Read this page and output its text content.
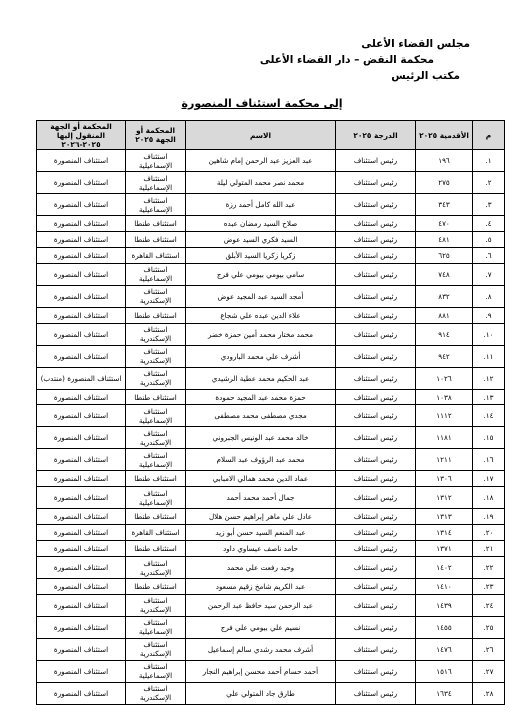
مجلس القضاء الأعلى
محكمة النقض – دار القضاء الأعلى
مكتب الرئيس
إلى محكمة استئناف المنصورة
م	الأقدمية ٢٠٢٥	الدرجة ٢٠٢٥	الاسم	المحكمة أو الجهة ٢٠٢٥	المحكمة أو الجهة المنقول إليها ٢٠٢٥-٢٠٢٦
١.	١٩٦	رئيس استئناف	عبد العزيز عبد الرحمن إمام شاهين	استئناف الإسماعيلية	استئناف المنصورة
٢.	٢٧٥	رئيس استئناف	محمد نصر محمد المتولي ليلة	استئناف الإسماعيلية	استئناف المنصورة
٣.	٣٤٣	رئيس استئناف	عبد الله كامل أحمد رزة	استئناف الإسماعيلية	استئناف المنصورة
٤.	٤٧٠	رئيس استئناف	صلاح السيد رمضان عبده	استئناف طنطا	استئناف المنصورة
٥.	٤٨١	رئيس استئناف	السيد فكري السيد عوض	استئناف طنطا	استئناف المنصورة
٦.	٦٢٥	رئيس استئناف	زكريا زكريا السيد الأبلق	استئناف القاهرة	استئناف المنصورة
٧.	٧٤٨	رئيس استئناف	سامي بيومي بيومي علي فرج	استئناف الإسماعيلية	استئناف المنصورة
٨.	٨٣٢	رئيس استئناف	أمجد السيد عبد المجيد عوض	استئناف الإسكندرية	استئناف المنصورة
٩.	٨٨١	رئيس استئناف	علاء الدين عبده علي شجاع	استئناف طنطا	استئناف المنصورة
١٠.	٩١٤	رئيس استئناف	محمد مختار محمد أمين حمزة خضر	استئناف الإسكندرية	استئناف المنصورة
١١.	٩٤٢	رئيس استئناف	أشرف علي محمد البارودي	استئناف الإسكندرية	استئناف المنصورة
١٢.	١٠٢٦	رئيس استئناف	عبد الحكيم محمد عطية الرشيدي	استئناف الإسكندرية	استئناف المنصورة (منتدب)
١٣.	١٠٣٨	رئيس استئناف	حمزة محمد عبد المجيد حمودة	استئناف طنطا	استئناف المنصورة
١٤.	١١١٢	رئيس استئناف	مجدي مصطفى محمد مصطفى	استئناف الإسماعيلية	استئناف المنصورة
١٥.	١١٨١	رئيس استئناف	خالد محمد عبد الونيس الجبروني	استئناف الإسكندرية	استئناف المنصورة
١٦.	١٢١١	رئيس استئناف	محمد عبد الرؤوف عبد السلام	استئناف الإسماعيلية	استئناف المنصورة
١٧.	١٣٠٦	رئيس استئناف	عماد الدين محمد همالي الامبابي	استئناف طنطا	استئناف المنصورة
١٨.	١٣١٢	رئيس استئناف	جمال أحمد محمد أحمد	استئناف الإسماعيلية	استئناف المنصورة
١٩.	١٣١٣	رئيس استئناف	عادل علي ماهر إبراهيم حسن هلال	استئناف طنطا	استئناف المنصورة
٢٠.	١٣١٤	رئيس استئناف	عبد المنعم السيد حسن أبو زيد	استئناف القاهرة	استئناف المنصورة
٢١.	١٣٧١	رئيس استئناف	حامد ناصف عيساوي داود	استئناف طنطا	استئناف المنصورة
٢٢.	١٤٠٢	رئيس استئناف	وحيد رفعت علي محمد	استئناف الإسكندرية	استئناف المنصورة
٢٣.	١٤١٠	رئيس استئناف	عبد الكريم شامخ زقيم مسعود	استئناف طنطا	استئناف المنصورة
٢٤.	١٤٣٩	رئيس استئناف	عبد الرحمن سيد حافظ عبد الرحمن	استئناف الإسكندرية	استئناف المنصورة
٢٥.	١٤٥٥	رئيس استئناف	نسيم علي بيومي علي فرج	استئناف الإسماعيلية	استئناف المنصورة
٢٦.	١٤٧٦	رئيس استئناف	أشرف محمد رشدي سالم إسماعيل	استئناف الإسكندرية	استئناف المنصورة
٢٧.	١٥١٦	رئيس استئناف	أحمد حسام أحمد محسن إبراهيم النجار	استئناف الإسماعيلية	استئناف المنصورة
٢٨.	١٦٣٤	رئيس استئناف	طارق جاد المتولي علي	استئناف الإسكندرية	استئناف المنصورة
